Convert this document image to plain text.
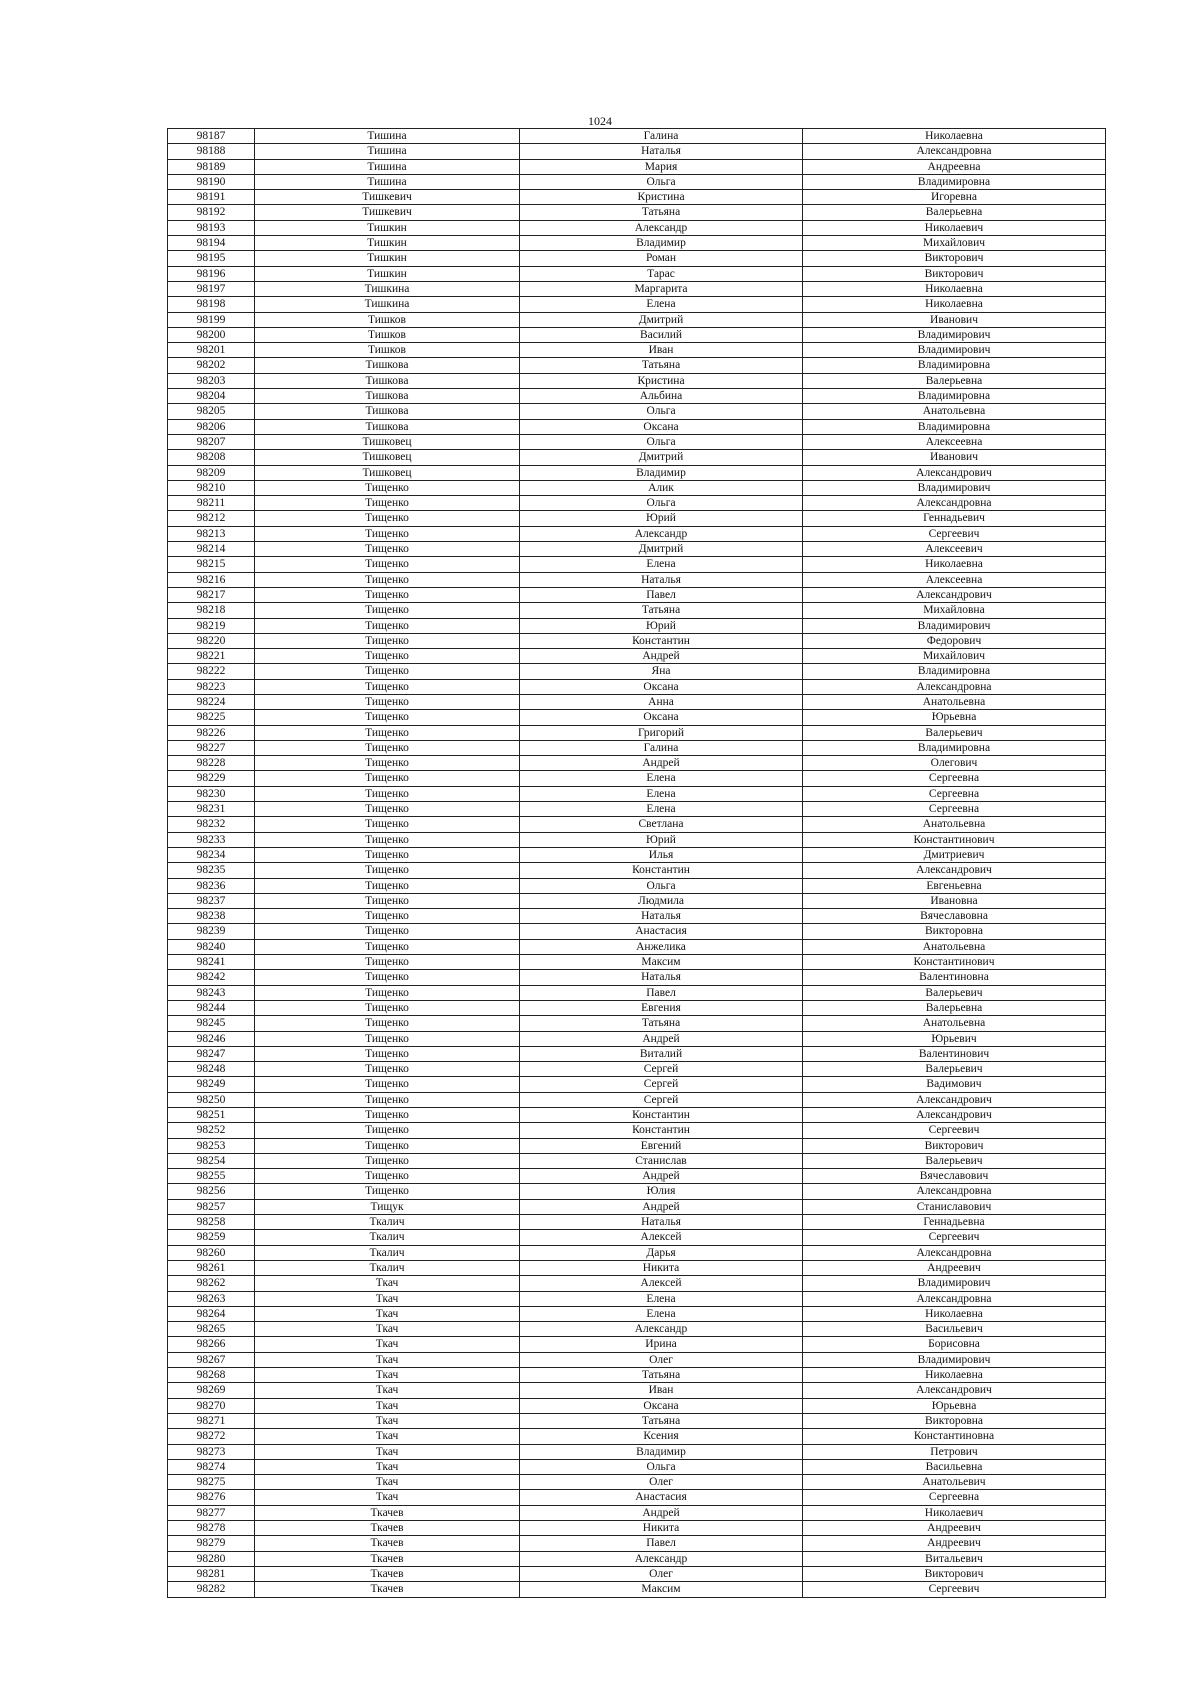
1024
98187	Тишина	Галина	Николаевна
98188	Тишина	Наталья	Александровна
98189	Тишина	Мария	Андреевна
98190	Тишина	Ольга	Владимировна
98191	Тишкевич	Кристина	Игоревна
98192	Тишкевич	Татьяна	Валерьевна
98193	Тишкин	Александр	Николаевич
98194	Тишкин	Владимир	Михайлович
98195	Тишкин	Роман	Викторович
98196	Тишкин	Тарас	Викторович
98197	Тишкина	Маргарита	Николаевна
98198	Тишкина	Елена	Николаевна
98199	Тишков	Дмитрий	Иванович
98200	Тишков	Василий	Владимирович
98201	Тишков	Иван	Владимирович
98202	Тишкова	Татьяна	Владимировна
98203	Тишкова	Кристина	Валерьевна
98204	Тишкова	Альбина	Владимировна
98205	Тишкова	Ольга	Анатольевна
98206	Тишкова	Оксана	Владимировна
98207	Тишковец	Ольга	Алексеевна
98208	Тишковец	Дмитрий	Иванович
98209	Тишковец	Владимир	Александрович
98210	Тищенко	Алик	Владимирович
98211	Тищенко	Ольга	Александровна
98212	Тищенко	Юрий	Геннадьевич
98213	Тищенко	Александр	Сергеевич
98214	Тищенко	Дмитрий	Алексеевич
98215	Тищенко	Елена	Николаевна
98216	Тищенко	Наталья	Алексеевна
98217	Тищенко	Павел	Александрович
98218	Тищенко	Татьяна	Михайловна
98219	Тищенко	Юрий	Владимирович
98220	Тищенко	Константин	Федорович
98221	Тищенко	Андрей	Михайлович
98222	Тищенко	Яна	Владимировна
98223	Тищенко	Оксана	Александровна
98224	Тищенко	Анна	Анатольевна
98225	Тищенко	Оксана	Юрьевна
98226	Тищенко	Григорий	Валерьевич
98227	Тищенко	Галина	Владимировна
98228	Тищенко	Андрей	Олегович
98229	Тищенко	Елена	Сергеевна
98230	Тищенко	Елена	Сергеевна
98231	Тищенко	Елена	Сергеевна
98232	Тищенко	Светлана	Анатольевна
98233	Тищенко	Юрий	Константинович
98234	Тищенко	Илья	Дмитриевич
98235	Тищенко	Константин	Александрович
98236	Тищенко	Ольга	Евгеньевна
98237	Тищенко	Людмила	Ивановна
98238	Тищенко	Наталья	Вячеславовна
98239	Тищенко	Анастасия	Викторовна
98240	Тищенко	Анжелика	Анатольевна
98241	Тищенко	Максим	Константинович
98242	Тищенко	Наталья	Валентиновна
98243	Тищенко	Павел	Валерьевич
98244	Тищенко	Евгения	Валерьевна
98245	Тищенко	Татьяна	Анатольевна
98246	Тищенко	Андрей	Юрьевич
98247	Тищенко	Виталий	Валентинович
98248	Тищенко	Сергей	Валерьевич
98249	Тищенко	Сергей	Вадимович
98250	Тищенко	Сергей	Александрович
98251	Тищенко	Константин	Александрович
98252	Тищенко	Константин	Сергеевич
98253	Тищенко	Евгений	Викторович
98254	Тищенко	Станислав	Валерьевич
98255	Тищенко	Андрей	Вячеславович
98256	Тищенко	Юлия	Александровна
98257	Тищук	Андрей	Станиславович
98258	Ткалич	Наталья	Геннадьевна
98259	Ткалич	Алексей	Сергеевич
98260	Ткалич	Дарья	Александровна
98261	Ткалич	Никита	Андреевич
98262	Ткач	Алексей	Владимирович
98263	Ткач	Елена	Александровна
98264	Ткач	Елена	Николаевна
98265	Ткач	Александр	Васильевич
98266	Ткач	Ирина	Борисовна
98267	Ткач	Олег	Владимирович
98268	Ткач	Татьяна	Николаевна
98269	Ткач	Иван	Александрович
98270	Ткач	Оксана	Юрьевна
98271	Ткач	Татьяна	Викторовна
98272	Ткач	Ксения	Константиновна
98273	Ткач	Владимир	Петрович
98274	Ткач	Ольга	Васильевна
98275	Ткач	Олег	Анатольевич
98276	Ткач	Анастасия	Сергеевна
98277	Ткачев	Андрей	Николаевич
98278	Ткачев	Никита	Андреевич
98279	Ткачев	Павел	Андреевич
98280	Ткачев	Александр	Витальевич
98281	Ткачев	Олег	Викторович
98282	Ткачев	Максим	Сергеевич
